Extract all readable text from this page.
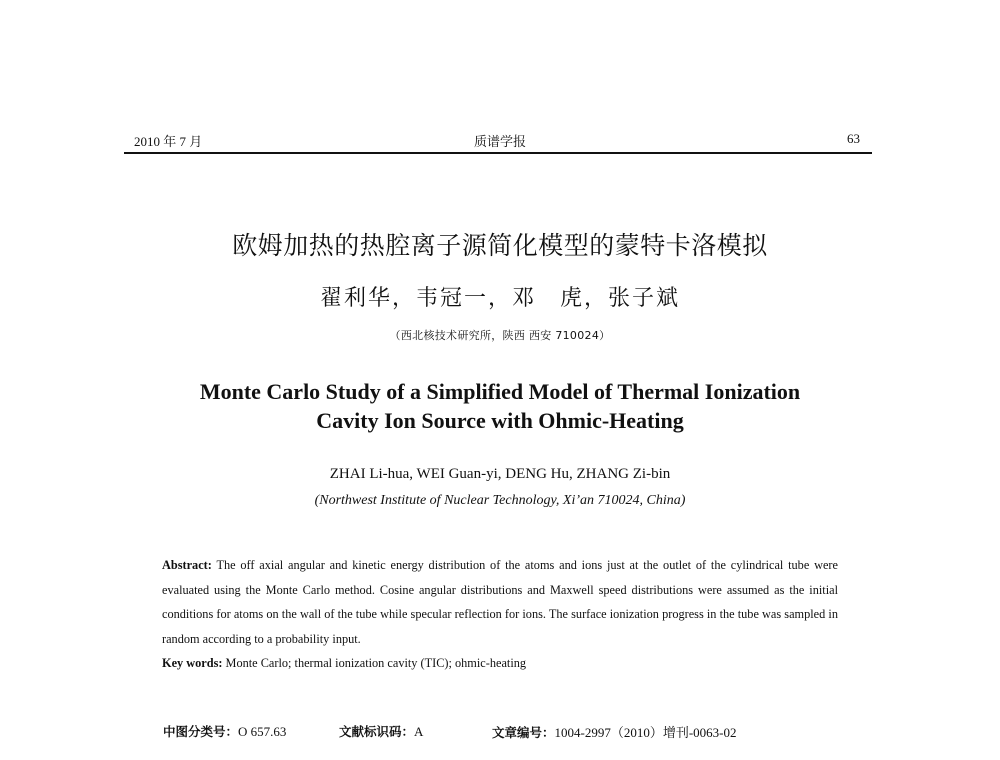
2010 年 7 月	质谱学报	63
欧姆加热的热腔离子源简化模型的蒙特卡洛模拟
翟利华，韦冠一，邓　虎，张子斌
（西北核技术研究所，陕西 西安 710024）
Monte Carlo Study of a Simplified Model of Thermal Ionization
Cavity Ion Source with Ohmic-Heating
ZHAI Li-hua, WEI Guan-yi, DENG Hu, ZHANG Zi-bin
(Northwest Institute of Nuclear Technology, Xi’an 710024, China)

Abstract: The off axial angular and kinetic energy distribution of the atoms and ions just at the outlet of the cylindrical tube were evaluated using the Monte Carlo method. Cosine angular distributions and Maxwell speed distributions were assumed as the initial conditions for atoms on the wall of the tube while specular reflection for ions. The surface ionization progress in the tube was sampled in random according to a probability input.

Key words: Monte Carlo; thermal ionization cavity (TIC); ohmic-heating

中图分类号：O 657.63	文献标识码：A	文章编号：1004-2997（2010）增刊-0063-02
